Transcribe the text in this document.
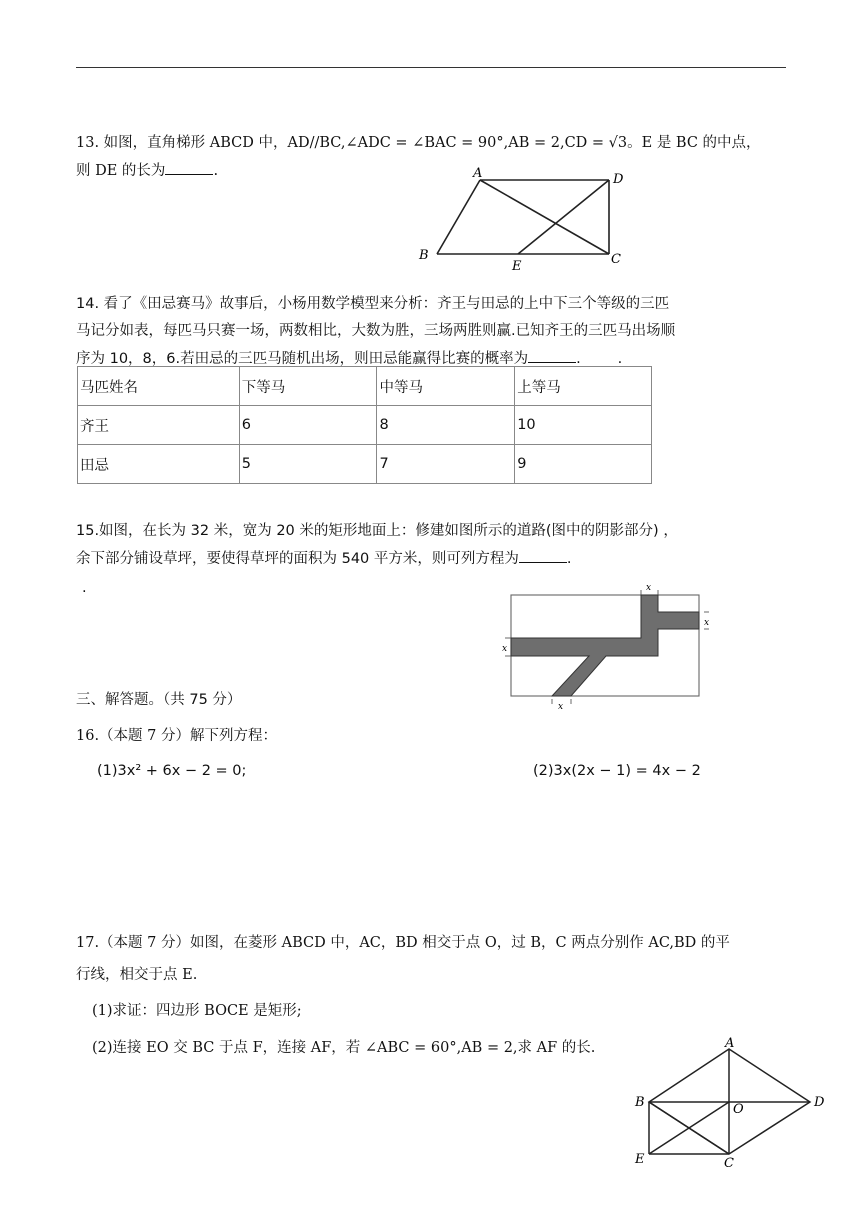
13. 如图，直角梯形 ABCD 中，AD//BC,∠ADC = ∠BAC = 90°,AB = 2,CD = √3。E 是 BC 的中点，
则 DE 的长为	.	A	D
B	C
E
14. 看了《田忌赛马》故事后，小杨用数学模型来分析：齐王与田忌的上中下三个等级的三匹
马记分如表，每匹马只赛一场，两数相比，大数为胜，三场两胜则赢.已知齐王的三匹马出场顺
序为 10，8，6.若田忌的三匹马随机出场，则田忌能赢得比赛的概率为	.        .
马匹姓名	下等马	中等马	上等马
齐王	6	8	10
田忌	5	7	9
15.如图，在长为 32 米，宽为 20 米的矩形地面上：修建如图所示的道路(图中的阴影部分) ，
余下部分铺设草坪，要使得草坪的面积为 540 平方米，则可列方程为	.
.	x
x
x
x
三、解答题。（共 75 分）
16.（本题 7 分）解下列方程：
(1)3x² + 6x − 2 = 0;	(2)3x(2x − 1) = 4x − 2
17.（本题 7 分）如图，在菱形 ABCD 中，AC，BD 相交于点 O，过 B，C 两点分别作 AC,BD 的平
行线，相交于点 E.
(1)求证：四边形 BOCE 是矩形;
(2)连接 EO 交 BC 于点 F，连接 AF，若 ∠ABC = 60°,AB = 2,求 AF 的长.	A
D
B	O
C
E
